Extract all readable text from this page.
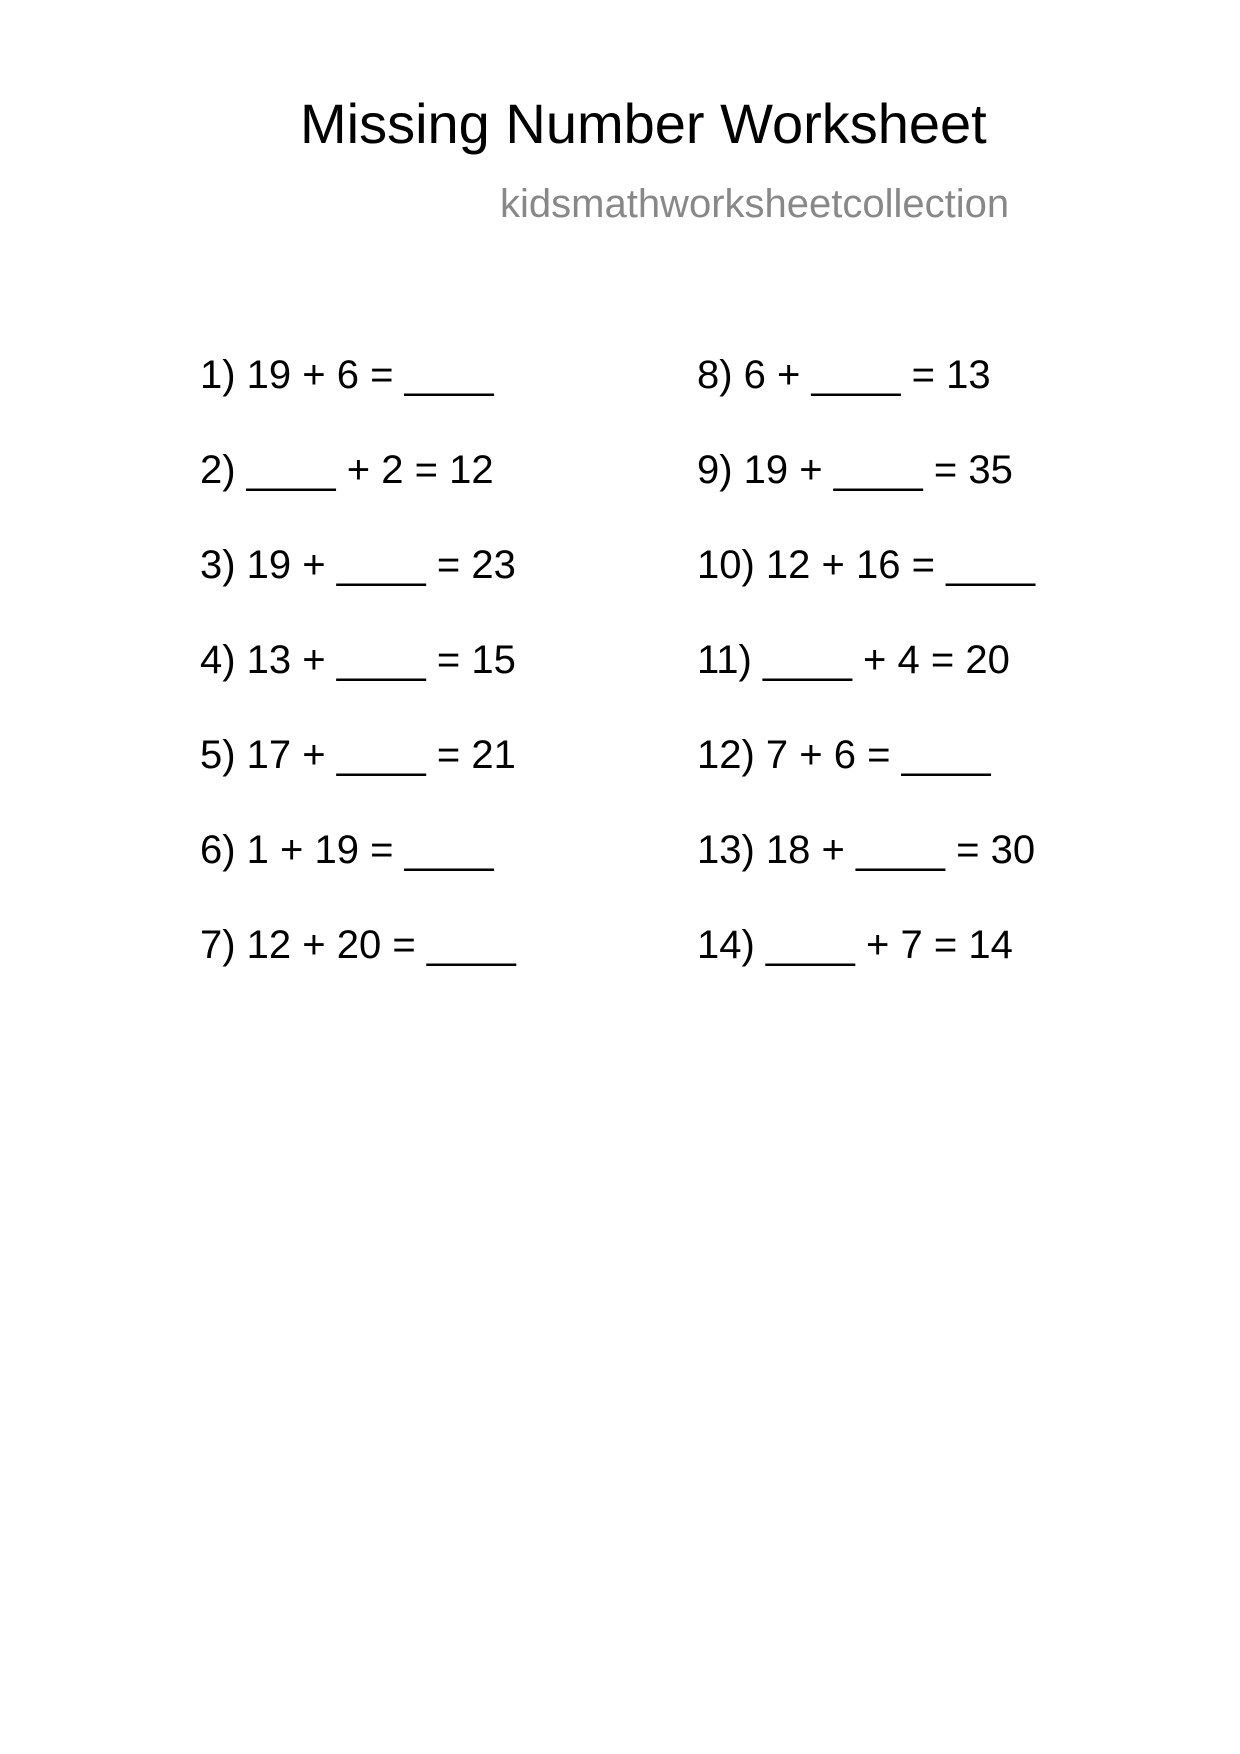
Missing Number Worksheet
kidsmathworksheetcollection
1) 19 + 6 = ____
2) ____ + 2 = 12
3) 19 + ____ = 23
4) 13 + ____ = 15
5) 17 + ____ = 21
6) 1 + 19 = ____
7) 12 + 20 = ____
8) 6 + ____ = 13
9) 19 + ____ = 35
10) 12 + 16 = ____
11) ____ + 4 = 20
12) 7 + 6 = ____
13) 18 + ____ = 30
14) ____ + 7 = 14
